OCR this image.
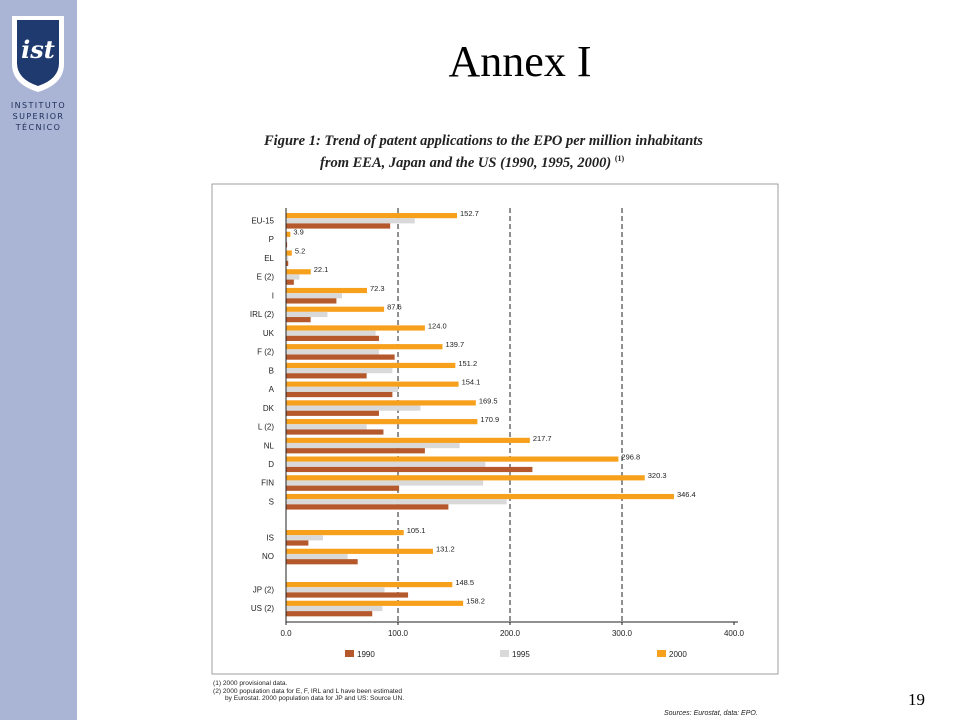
ist
INSTITUTO
SUPERIOR
TÉCNICO
Annex I
Figure 1: Trend of patent applications to the EPO per million inhabitants
from EEA, Japan and the US (1990, 1995, 2000) $^{(1)}$
EU-15
P
EL
E (2)
I
IRL (2)
UK
F (2)
B
A
DK
L (2)
NL
D
FIN
S
IS
NO
JP (2)
US (2)
152.7
3.9
5.2
22.1
72.3
87.6
124.0
139.7
151.2
154.1
169.5
170.9
217.7
296.8
320.3
346.4
105.1
131.2
148.5
158.2
0.0	100.0	200.0	300.0	400.0
1990	1995	2000
(1) 2000 provisional data.
(2) 2000 population data for E, F, IRL and L have been estimated
by Eurostat. 2000 population data for JP and US: Source UN.
Sources: Eurostat, data: EPO.
19
